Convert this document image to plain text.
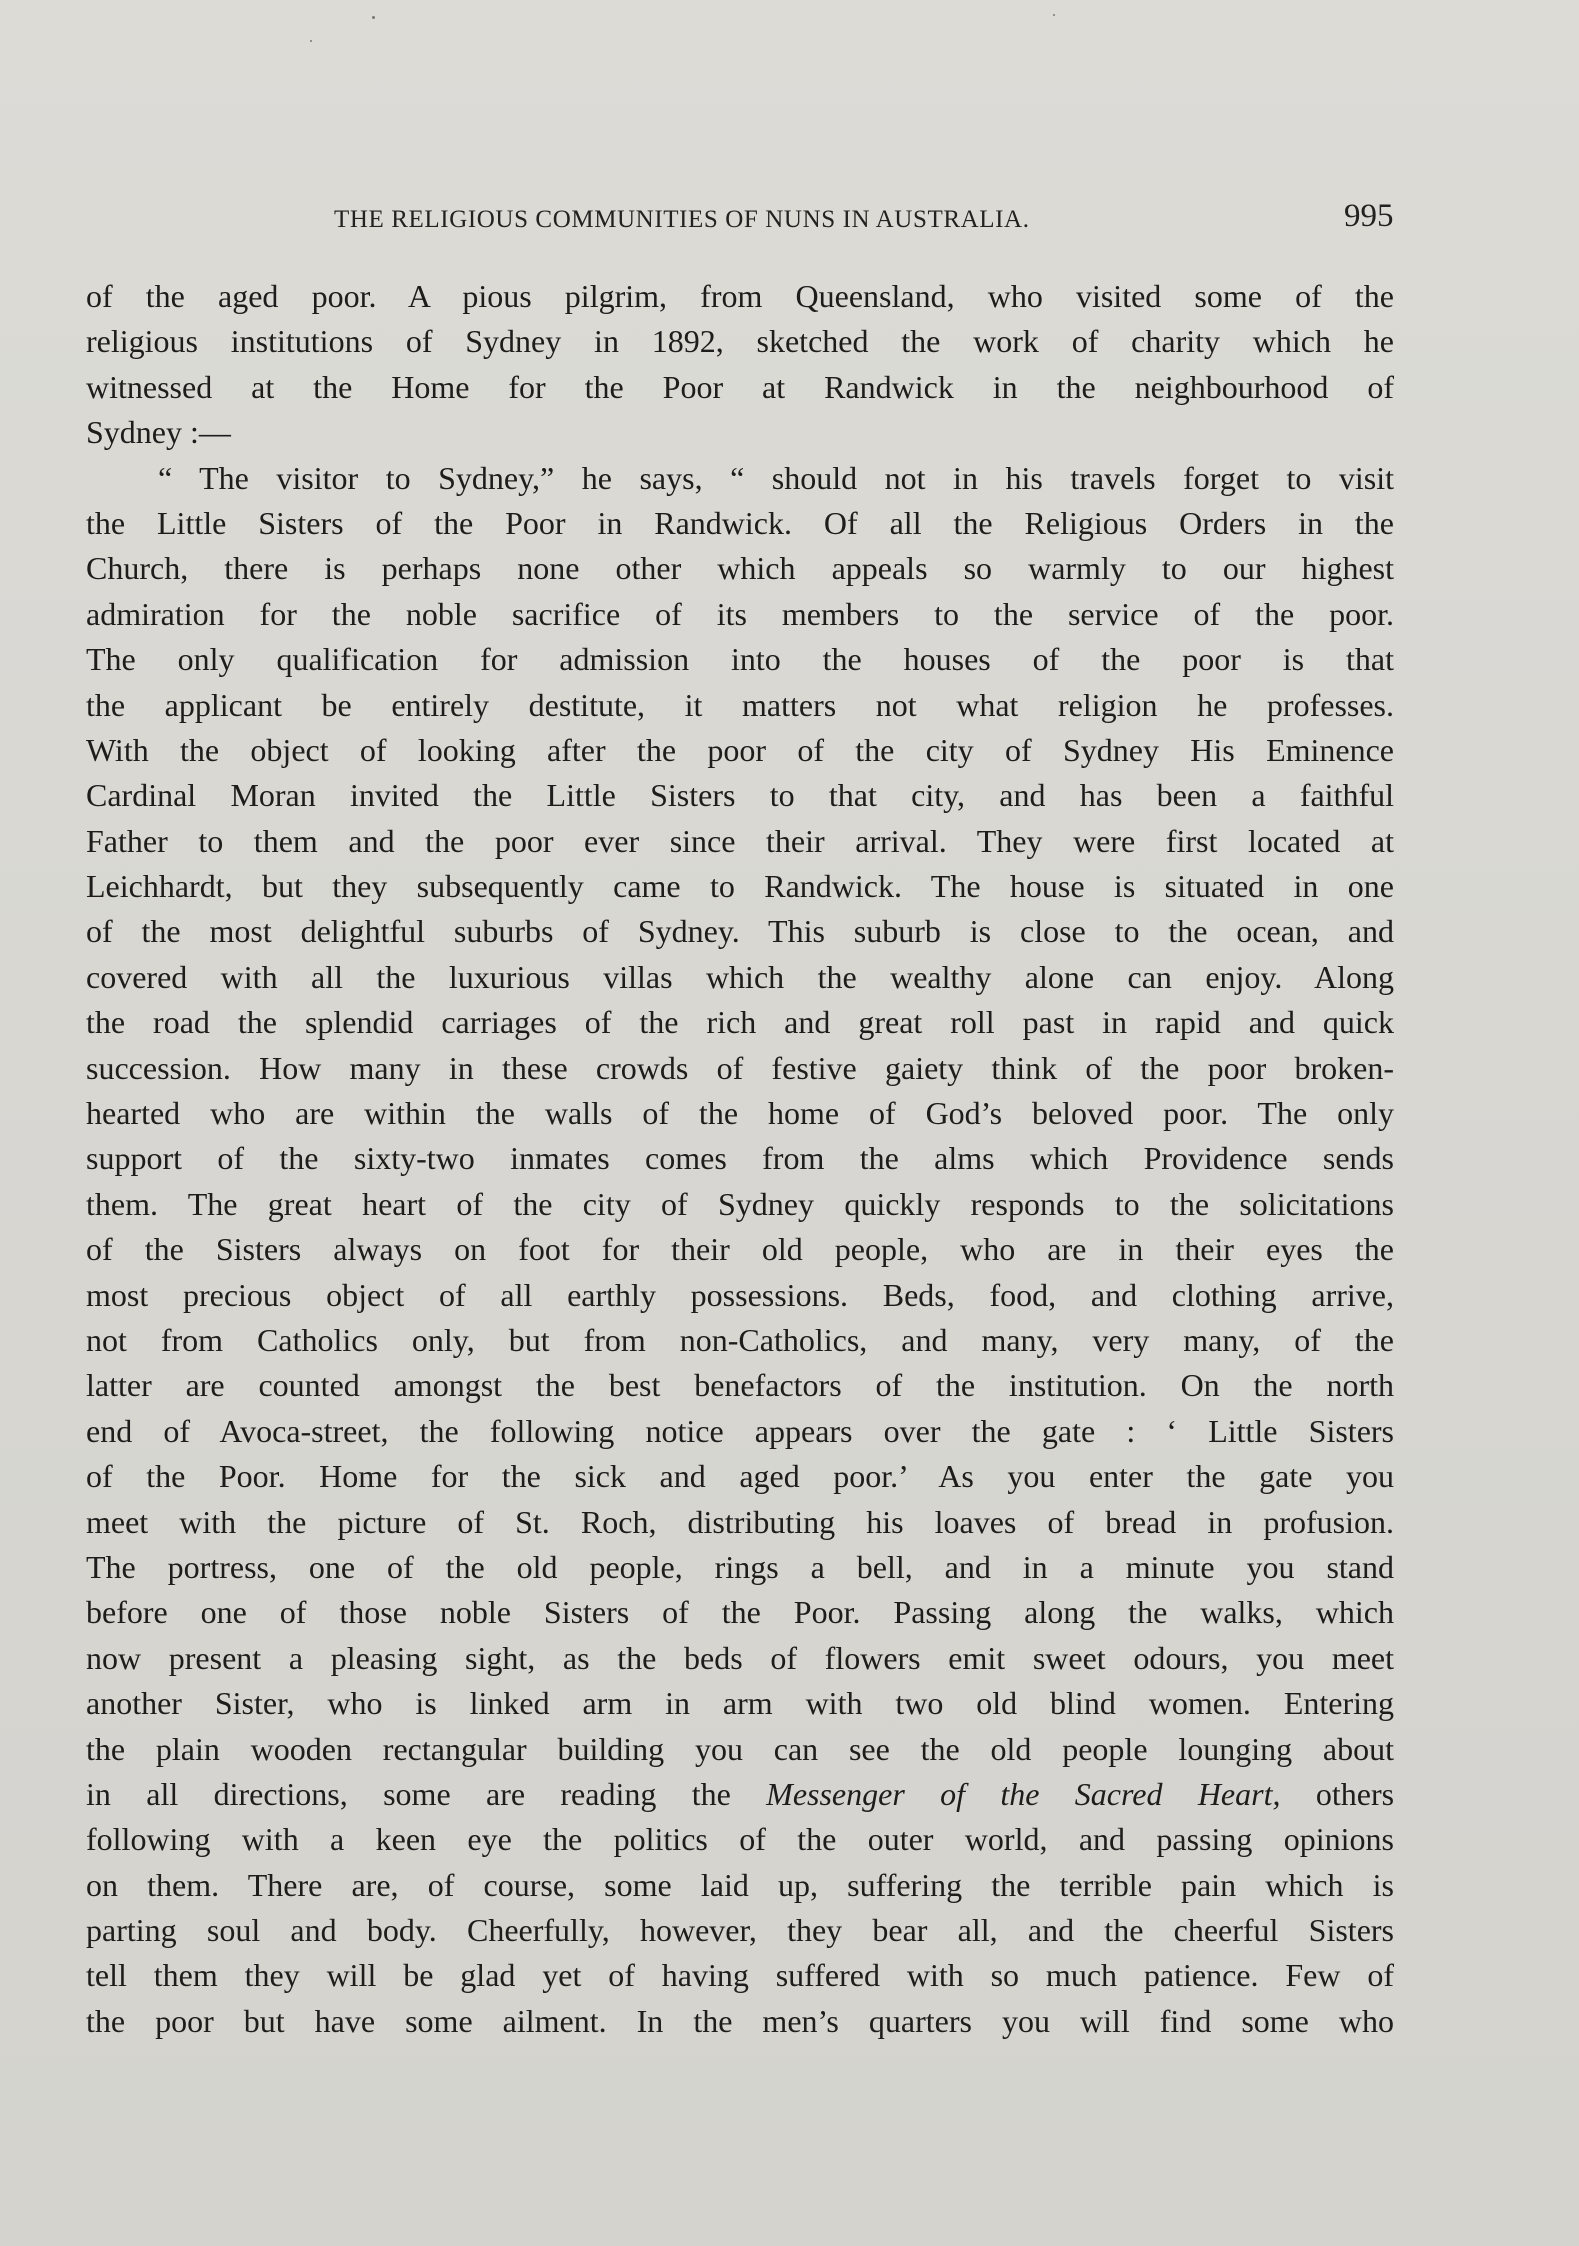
THE RELIGIOUS COMMUNITIES OF NUNS IN AUSTRALIA.	995
of the aged poor. A pious pilgrim, from Queensland, who visited some of the
religious institutions of Sydney in 1892, sketched the work of charity which he
witnessed at the Home for the Poor at Randwick in the neighbourhood of
Sydney :—
“ The visitor to Sydney,” he says, “ should not in his travels forget to visit
the Little Sisters of the Poor in Randwick. Of all the Religious Orders in the
Church, there is perhaps none other which appeals so warmly to our highest
admiration for the noble sacrifice of its members to the service of the poor.
The only qualification for admission into the houses of the poor is that
the applicant be entirely destitute, it matters not what religion he professes.
With the object of looking after the poor of the city of Sydney His Eminence
Cardinal Moran invited the Little Sisters to that city, and has been a faithful
Father to them and the poor ever since their arrival. They were first located at
Leichhardt, but they subsequently came to Randwick. The house is situated in one
of the most delightful suburbs of Sydney. This suburb is close to the ocean, and
covered with all the luxurious villas which the wealthy alone can enjoy. Along
the road the splendid carriages of the rich and great roll past in rapid and quick
succession. How many in these crowds of festive gaiety think of the poor broken-
hearted who are within the walls of the home of God’s beloved poor. The only
support of the sixty-two inmates comes from the alms which Providence sends
them. The great heart of the city of Sydney quickly responds to the solicitations
of the Sisters always on foot for their old people, who are in their eyes the
most precious object of all earthly possessions. Beds, food, and clothing arrive,
not from Catholics only, but from non-Catholics, and many, very many, of the
latter are counted amongst the best benefactors of the institution. On the north
end of Avoca-street, the following notice appears over the gate : ‘ Little Sisters
of the Poor. Home for the sick and aged poor.’ As you enter the gate you
meet with the picture of St. Roch, distributing his loaves of bread in profusion.
The portress, one of the old people, rings a bell, and in a minute you stand
before one of those noble Sisters of the Poor. Passing along the walks, which
now present a pleasing sight, as the beds of flowers emit sweet odours, you meet
another Sister, who is linked arm in arm with two old blind women. Entering
the plain wooden rectangular building you can see the old people lounging about
in all directions, some are reading the Messenger of the Sacred Heart, others
following with a keen eye the politics of the outer world, and passing opinions
on them. There are, of course, some laid up, suffering the terrible pain which is
parting soul and body. Cheerfully, however, they bear all, and the cheerful Sisters
tell them they will be glad yet of having suffered with so much patience. Few of
the poor but have some ailment. In the men’s quarters you will find some who
